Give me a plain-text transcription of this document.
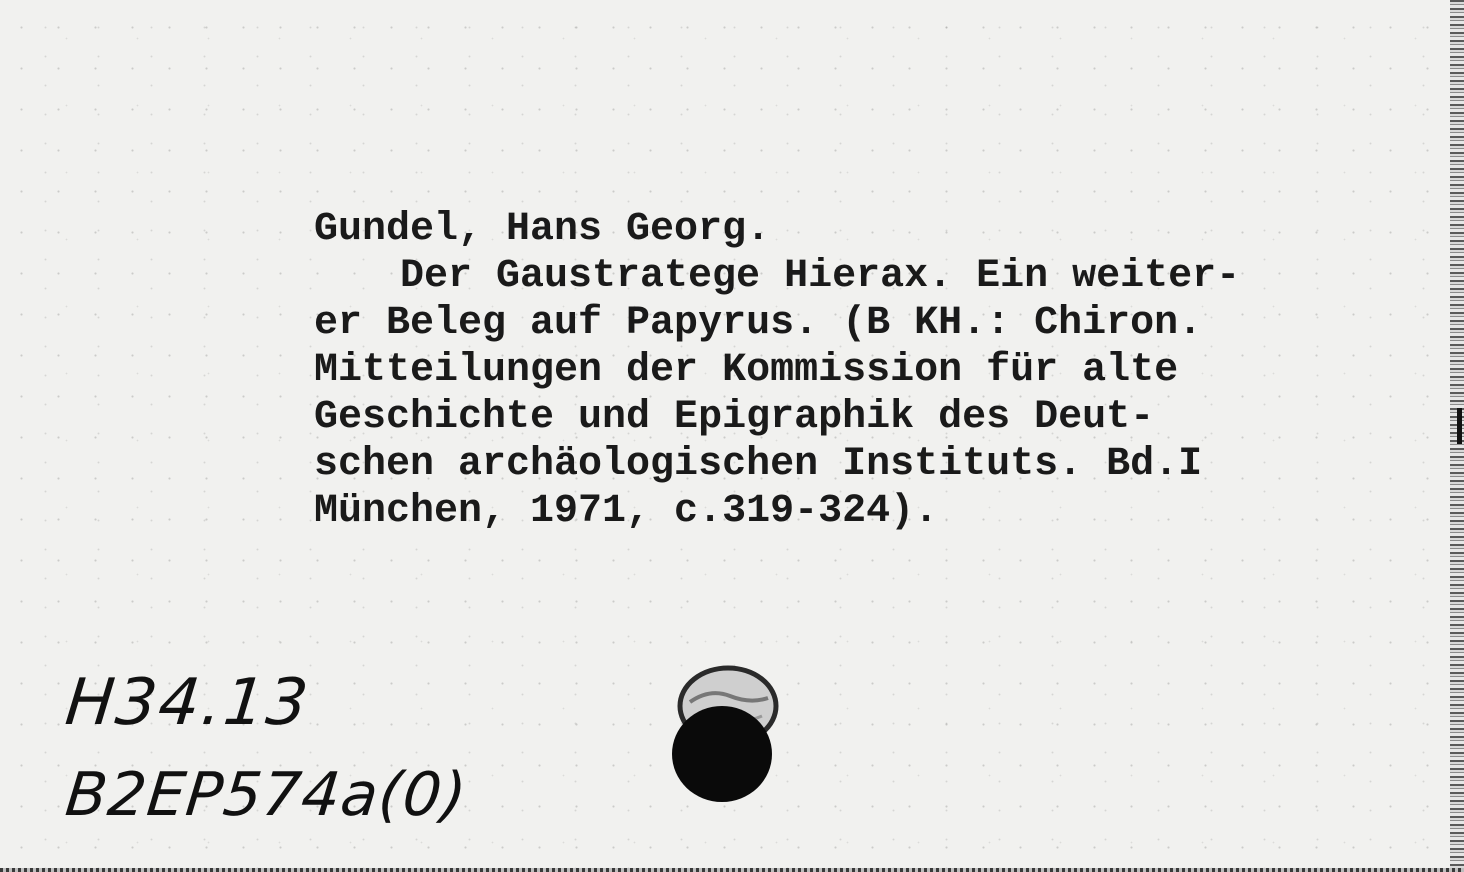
Gundel, Hans Georg.
Der Gaustratege Hierax. Ein weiter-
er Beleg auf Papyrus. (B KH.: Chiron.
Mitteilungen der Kommission für alte
Geschichte und Epigraphik des Deut-
schen archäologischen Instituts. Bd.I
München, 1971, c.319-324).
H34.13
B2EP574a(0)
